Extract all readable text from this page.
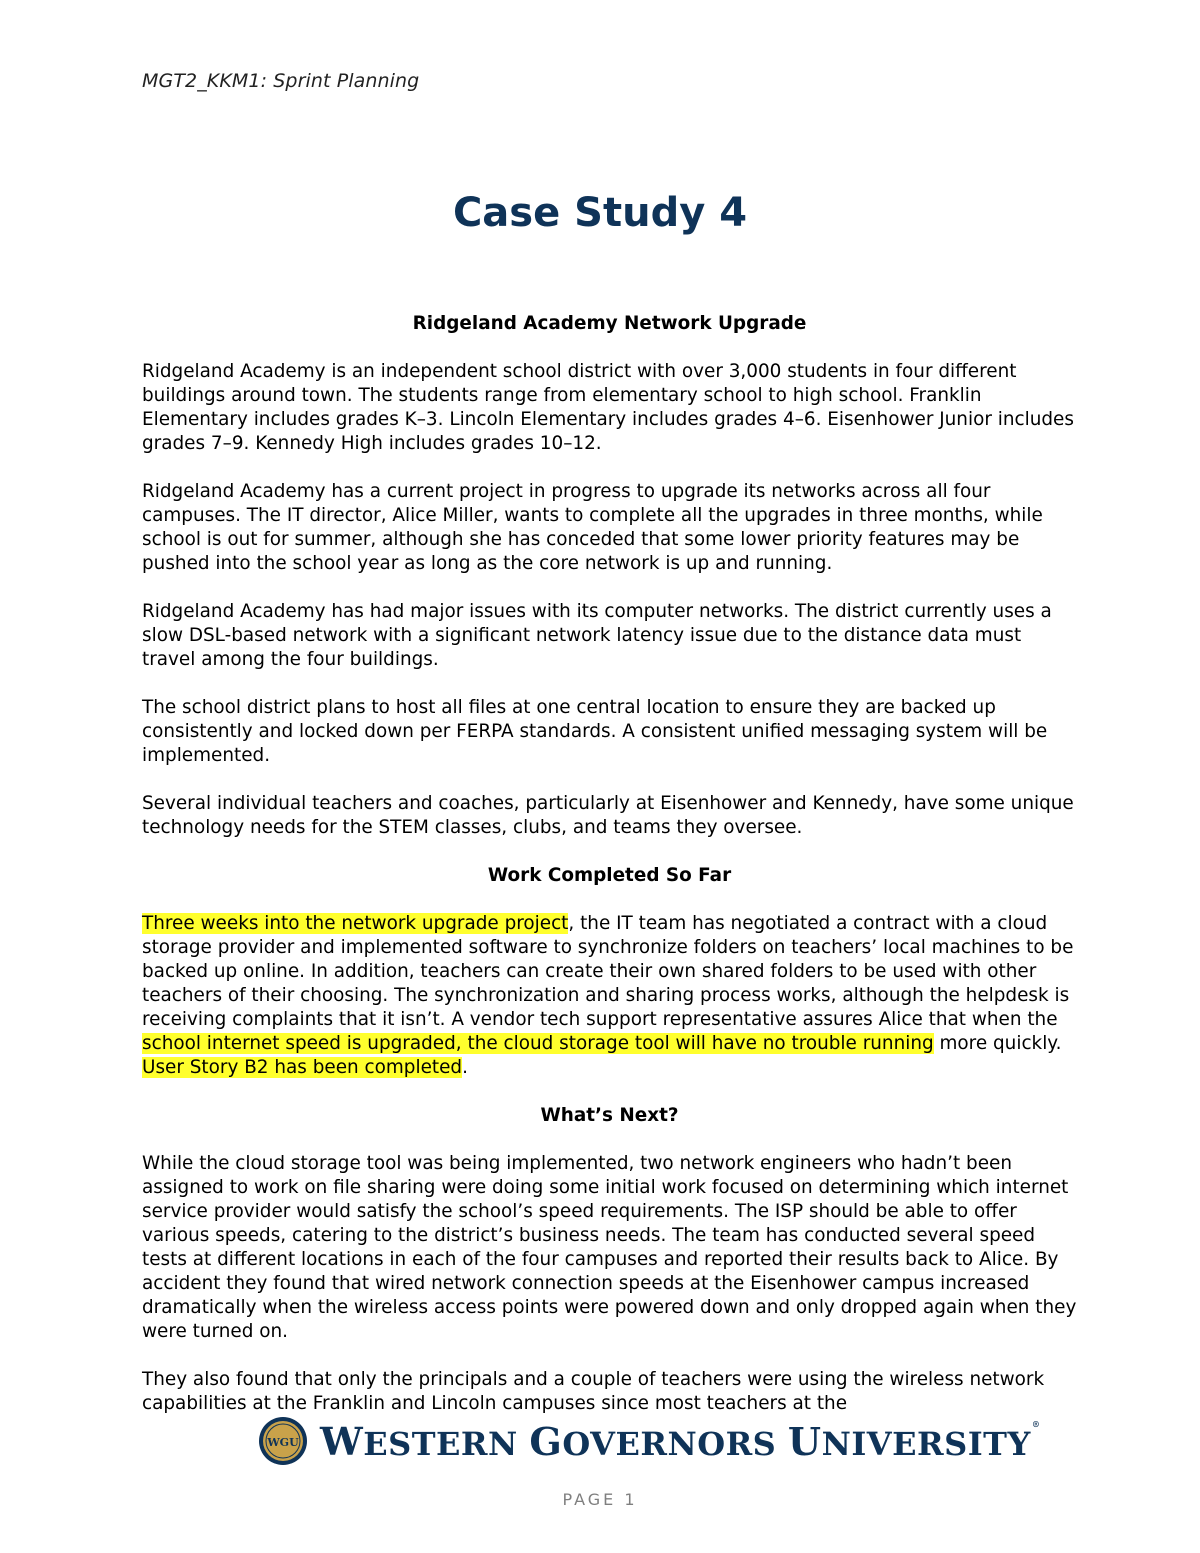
MGT2_KKM1: Sprint Planning
Case Study 4
Ridgeland Academy Network Upgrade

Ridgeland Academy is an independent school district with over 3,000 students in four different buildings around town. The students range from elementary school to high school. Franklin Elementary includes grades K–3. Lincoln Elementary includes grades 4–6. Eisenhower Junior includes grades 7–9. Kennedy High includes grades 10–12.

Ridgeland Academy has a current project in progress to upgrade its networks across all four campuses. The IT director, Alice Miller, wants to complete all the upgrades in three months, while school is out for summer, although she has conceded that some lower priority features may be pushed into the school year as long as the core network is up and running.

Ridgeland Academy has had major issues with its computer networks. The district currently uses a slow DSL-based network with a significant network latency issue due to the distance data must travel among the four buildings.

The school district plans to host all files at one central location to ensure they are backed up consistently and locked down per FERPA standards. A consistent unified messaging system will be implemented.

Several individual teachers and coaches, particularly at Eisenhower and Kennedy, have some unique technology needs for the STEM classes, clubs, and teams they oversee.

Work Completed So Far

Three weeks into the network upgrade project, the IT team has negotiated a contract with a cloud storage provider and implemented software to synchronize folders on teachers’ local machines to be backed up online. In addition, teachers can create their own shared folders to be used with other teachers of their choosing. The synchronization and sharing process works, although the helpdesk is receiving complaints that it isn’t. A vendor tech support representative assures Alice that when the school internet speed is upgraded, the cloud storage tool will have no trouble running more quickly. User Story B2 has been completed.

What’s Next?

While the cloud storage tool was being implemented, two network engineers who hadn’t been assigned to work on file sharing were doing some initial work focused on determining which internet service provider would satisfy the school’s speed requirements. The ISP should be able to offer various speeds, catering to the district’s business needs. The team has conducted several speed tests at different locations in each of the four campuses and reported their results back to Alice. By accident they found that wired network connection speeds at the Eisenhower campus increased dramatically when the wireless access points were powered down and only dropped again when they were turned on.

They also found that only the principals and a couple of teachers were using the wireless network capabilities at the Franklin and Lincoln campuses since most teachers at the

WGU WESTERN GOVERNORS UNIVERSITY®
PAGE 1
